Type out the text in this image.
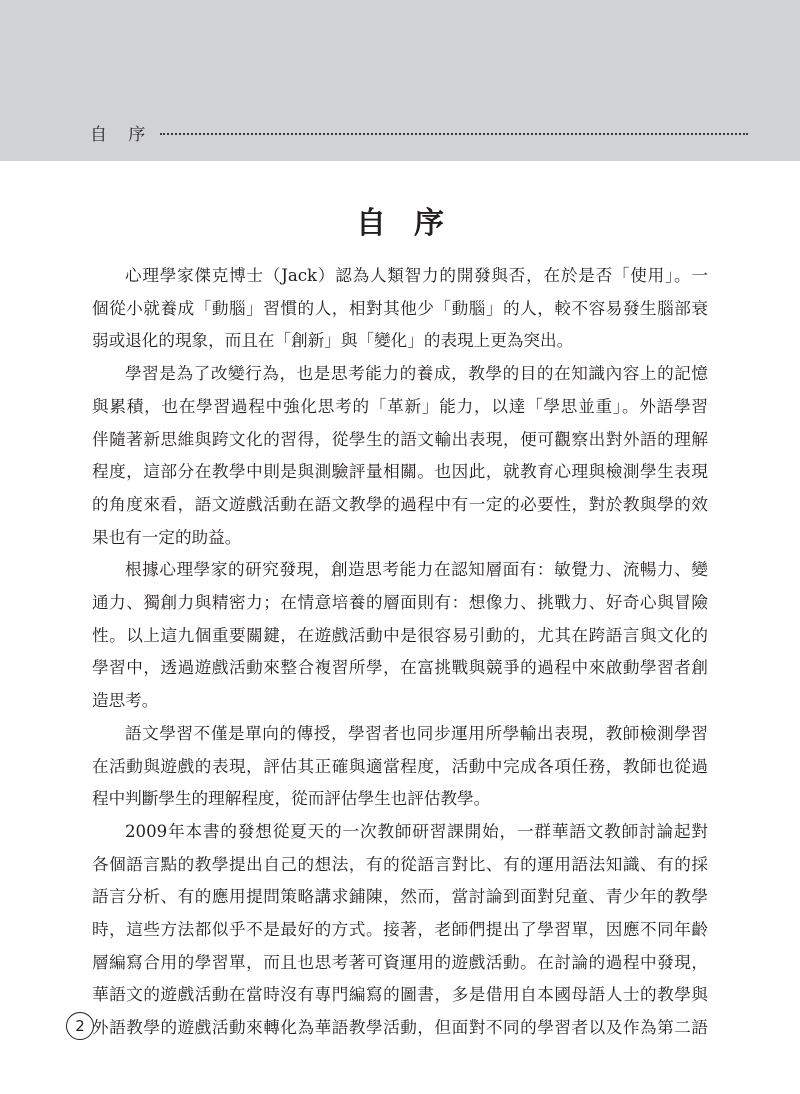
自 序
自序

心理學家傑克博士（Jack）認為人類智力的開發與否，在於是否「使用」。一
個從小就養成「動腦」習慣的人，相對其他少「動腦」的人，較不容易發生腦部衰
弱或退化的現象，而且在「創新」與「變化」的表現上更為突出。

學習是為了改變行為，也是思考能力的養成，教學的目的在知識內容上的記憶
與累積，也在學習過程中強化思考的「革新」能力，以達「學思並重」。外語學習
伴隨著新思維與跨文化的習得，從學生的語文輸出表現，便可觀察出對外語的理解
程度，這部分在教學中則是與測驗評量相關。也因此，就教育心理與檢測學生表現
的角度來看，語文遊戲活動在語文教學的過程中有一定的必要性，對於教與學的效
果也有一定的助益。

根據心理學家的研究發現，創造思考能力在認知層面有：敏覺力、流暢力、變
通力、獨創力與精密力；在情意培養的層面則有：想像力、挑戰力、好奇心與冒險
性。以上這九個重要關鍵，在遊戲活動中是很容易引動的，尤其在跨語言與文化的
學習中，透過遊戲活動來整合複習所學，在富挑戰與競爭的過程中來啟動學習者創
造思考。

語文學習不僅是單向的傳授，學習者也同步運用所學輸出表現，教師檢測學習
在活動與遊戲的表現，評估其正確與適當程度，活動中完成各項任務，教師也從過
程中判斷學生的理解程度，從而評估學生也評估教學。

2009年本書的發想從夏天的一次教師研習課開始，一群華語文教師討論起對
各個語言點的教學提出自己的想法，有的從語言對比、有的運用語法知識、有的採
語言分析、有的應用提問策略講求鋪陳，然而，當討論到面對兒童、青少年的教學
時，這些方法都似乎不是最好的方式。接著，老師們提出了學習單，因應不同年齡
層編寫合用的學習單，而且也思考著可資運用的遊戲活動。在討論的過程中發現，
華語文的遊戲活動在當時沒有專門編寫的圖書，多是借用自本國母語人士的教學與
外語教學的遊戲活動來轉化為華語教學活動，但面對不同的學習者以及作為第二語

2
